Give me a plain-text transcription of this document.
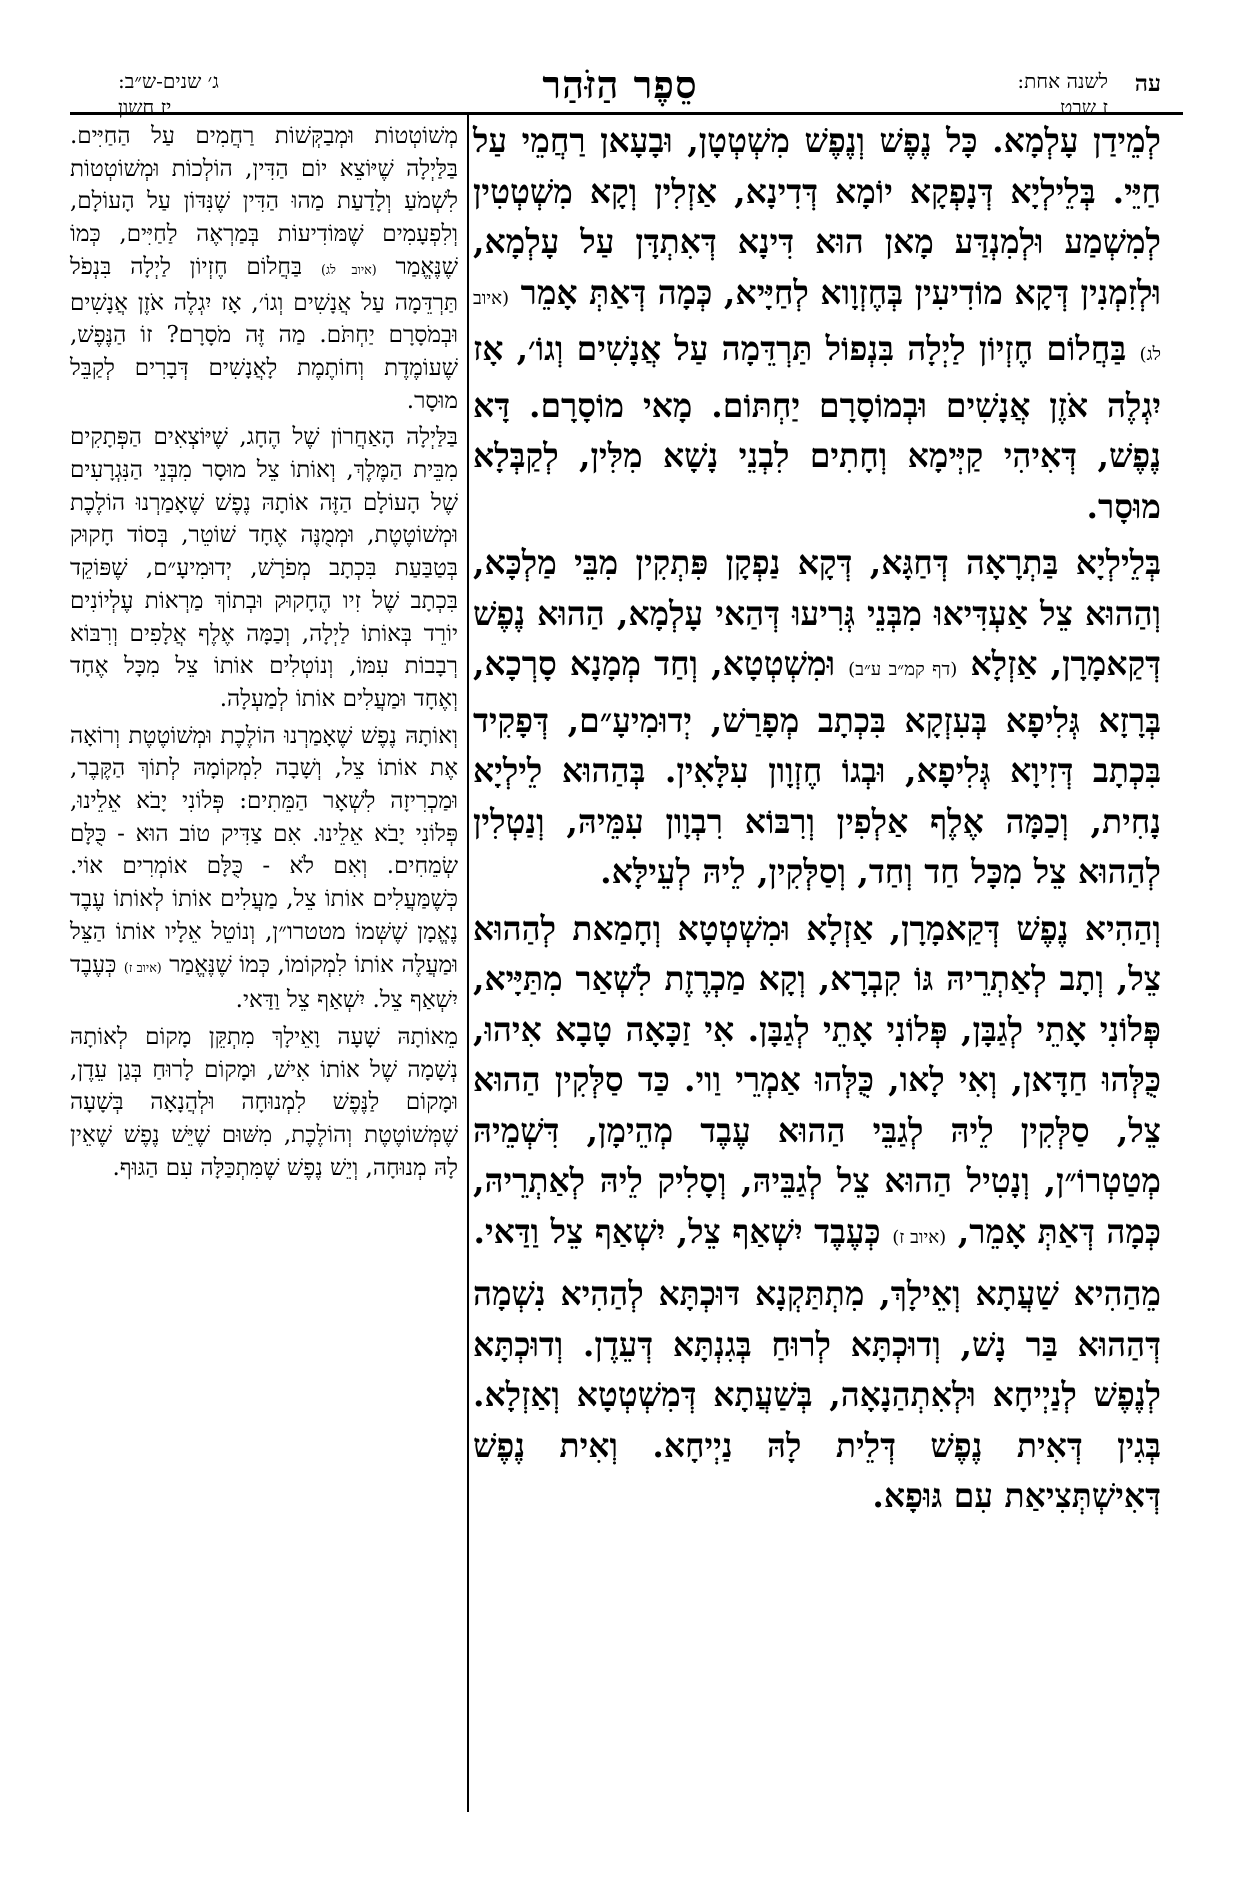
עה
לשנה אחת:
ז שבט
סֵפֶר הַזֹּהַר
ג׳ שנים-ש״ב:
יז חשון

לְמֵידַן עָלְמָא. כָּל נֶפֶשׁ וְנֶפֶשׁ מִשְׁטְטָן, וּבָעָאן רַחֲמֵי עַל חַיֵּי. בְּלֵילְיָא דְּנָפְקָא יוֹמָא דְּדִינָא, אַזְלִין וְקָא מִשְׁטְטִין לְמִשְׁמַע וּלְמִנְדַּע מָאן הוּא דִּינָא דְּאִתְדָּן עַל עָלְמָא, וּלְזִמְנִין דְּקָא מוֹדִיעִין בְּחֶזְוָוא לְחַיָּיא, כְּמָה דְּאַתְּ אָמֵר (איוב לג) בַּחֲלוֹם חֶזְיוֹן לַיְלָה בִּנְפוֹל תַּרְדֵּמָה עַל אֲנָשִׁים וְגוֹ׳, אָז יִגְלֶה אֹזֶן אֲנָשִׁים וּבְמוֹסָרָם יַחְתּוֹם. מָאי מוֹסָרָם. דָּא נֶפֶשׁ, דְּאִיהִי קַיְּימָא וְחָתִים לִבְנֵי נָשָׁא מִלִּין, לְקַבְּלָא מוּסָר.

בְּלֵילְיָא בַּתְרָאָה דְּחַגָּא, דְּקָא נַפְקָן פִּתְקִין מִבֵּי מַלְכָּא, וְהַהוּא צֵל אַעְדִּיאוּ מִבְּנֵי גְּרִיעוּ דְּהַאי עָלְמָא, הַהוּא נֶפֶשׁ דְּקַאמָרָן, אַזְלָא (דף קמ״ב ע״ב) וּמִשְׁטְטָא, וְחַד מְמָנָא סָרְכָא, בְּרָזָא גְּלִיפָא בְּעִזְקָא בִּכְתָב מְפָרַשׁ, יְדוּמִיעָ״ם, דְּפָקִיד בִּכְתָב דְּזִיוָא גְּלִיפָא, וּבְגוֹ חֶזְוָון עִלָּאִין. בְּהַהוּא לֵילְיָא נָחִית, וְכַמָּה אֶלֶף אַלְפִין וְרִבּוֹא רִבְוָון עִמֵּיהּ, וְנַטְלִין לְהַהוּא צֵל מִכָּל חַד וְחַד, וְסַלְּקִין, לֵיהּ לְעֵילָּא.

וְהַהִיא נֶפֶשׁ דְּקַאמָרָן, אַזְלָא וּמִשְׁטְטָא וְחָמַאת לְהַהוּא צֵל, וְתָב לְאַתְרֵיהּ גּוֹ קִבְרָא, וְקָא מַכְרֶזֶת לִשְׁאַר מִתַּיָּיא, פְּלוֹנִי אָתֵי לְגַבָּן, פְּלוֹנִי אָתֵי לְגַבָּן. אִי זַכָּאָה טָבָא אִיהוּ, כֻּלְּהוּ חַדָּאן, וְאִי לָאו, כֻּלְּהוּ אַמְרֵי וַוי. כַּד סַלְּקִין הַהוּא צֵל, סַלְּקִין לֵיהּ לְגַבֵּי הַהוּא עֶבֶד מְהֵימָן, דִּשְׁמֵיהּ מְטַטְרוֹ״ן, וְנָטִיל הַהוּא צֵל לְגַבֵּיהּ, וְסָלִיק לֵיהּ לְאַתְרֵיהּ, כְּמָה דְּאַתְּ אָמֵר, (איוב ז) כְּעֶבֶד יִשְׁאַף צֵל, יִשְׁאַף צֵל וַדַּאי.

מֵהַהִיא שַׁעֲתָא וְאֵילָךְ, מִתְתַּקְנָא דּוּכְתָּא לְהַהִיא נִשְׁמָה דְּהַהוּא בַּר נָשׁ, וְדוּכְתָּא לְרוּחַ בְּגִנְתָּא דְּעֵדֶן. וְדוּכְתָּא לְנֶפֶשׁ לְנַיְיחָא וּלְאִתְהַנָאָה, בְּשַׁעֲתָא דְּמִשְׁטְטָא וְאַזְלָא. בְּגִין דְּאִית נֶפֶשׁ דְּלֵית לָהּ נַיְיחָא. וְאִית נֶפֶשׁ דְּאִישְׁתְּצִיאַת עִם גּוּפָא.

מְשׁוֹטְטוֹת וּמְבַקְּשׁוֹת רַחֲמִים עַל הַחַיִּים. בַּלַּיְלָה שֶׁיּוֹצֵא יוֹם הַדִּין, הוֹלְכוֹת וּמְשׁוֹטְטוֹת לִשְׁמֹעַ וְלָדַעַת מַהוּ הַדִּין שֶׁנִּדּוֹן עַל הָעוֹלָם, וְלִפְעָמִים שֶׁמּוֹדִיעוֹת בְּמַרְאֶה לַחַיִּים, כְּמוֹ שֶׁנֶּאֱמַר (איוב לג) בַּחֲלוֹם חֶזְיוֹן לַיְלָה בִּנְפֹל תַּרְדֵּמָה עַל אֲנָשִׁים וְגוֹ׳, אָז יִגְלֶה אֹזֶן אֲנָשִׁים וּבְמֹסָרָם יַחְתֹּם. מַה זֶּה מֹסָרָם? זוֹ הַנֶּפֶשׁ, שֶׁעוֹמֶדֶת וְחוֹתֶמֶת לָאֲנָשִׁים דְּבָרִים לְקַבֵּל מוּסָר.

בַּלַּיְלָה הָאַחֲרוֹן שֶׁל הֶחָג, שֶׁיּוֹצְאִים הַפְּתָקִים מִבֵּית הַמֶּלֶךְ, וְאוֹתוֹ צֵל מוּסָר מִבְּנֵי הַנִּגְרָעִים שֶׁל הָעוֹלָם הַזֶּה אוֹתָהּ נֶפֶשׁ שֶׁאָמַרְנוּ הוֹלֶכֶת וּמְשׁוֹטֶטֶת, וּמְמֻנֶּה אֶחָד שׁוֹטֵר, בְּסוֹד חָקוּק בְּטַבַּעַת בִּכְתָב מְפֹרָשׁ, יְדוּמִיעָ״ם, שֶׁפּוֹקֵד בִּכְתָב שֶׁל זִיו הֶחָקוּק וּבְתוֹךְ מַרְאוֹת עֶלְיוֹנִים יוֹרֵד בְּאוֹתוֹ לַיְלָה, וְכַמָּה אֶלֶף אֲלָפִים וְרִבּוֹא רְבָבוֹת עִמּוֹ, וְנוֹטְלִים אוֹתוֹ צֵל מִכָּל אֶחָד וְאֶחָד וּמַעֲלִים אוֹתוֹ לְמַעְלָה.

וְאוֹתָהּ נֶפֶשׁ שֶׁאָמַרְנוּ הוֹלֶכֶת וּמְשׁוֹטֶטֶת וְרוֹאָה אֶת אוֹתוֹ צֵל, וְשָׁבָה לִמְקוֹמָהּ לְתוֹךְ הַקֶּבֶר, וּמַכְרִיזָה לִשְׁאָר הַמֵּתִים: פְּלוֹנִי יָבֹא אֵלֵינוּ, פְּלוֹנִי יָבֹא אֵלֵינוּ. אִם צַדִּיק טוֹב הוּא - כֻּלָּם שְׂמֵחִים. וְאִם לֹא - כֻּלָּם אוֹמְרִים אוֹי. כְּשֶׁמַּעֲלִים אוֹתוֹ צֵל, מַעֲלִים אוֹתוֹ לְאוֹתוֹ עֶבֶד נֶאֱמָן שֶׁשְּׁמוֹ מטטרו״ן, וְנוֹטֵל אֵלָיו אוֹתוֹ הַצֵּל וּמַעֲלֶה אוֹתוֹ לִמְקוֹמוֹ, כְּמוֹ שֶׁנֶּאֱמַר (איוב ז) כְּעֶבֶד יִשְׁאַף צֵל. יִשְׁאַף צֵל וַדַּאי.

מֵאוֹתָהּ שָׁעָה וָאֵילָךְ מִתְקֵּן מָקוֹם לְאוֹתָהּ נְשָׁמָה שֶׁל אוֹתוֹ אִישׁ, וּמָקוֹם לָרוּחַ בְּגַן עֵדֶן, וּמָקוֹם לַנֶּפֶשׁ לִמְנוּחָה וּלְהֲנָאָה בְּשָׁעָה שֶׁמְּשׁוֹטֶטֶת וְהוֹלֶכֶת, מִשּׁוּם שֶׁיֵּשׁ נֶפֶשׁ שֶׁאֵין לָהּ מְנוּחָה, וְיֵשׁ נֶפֶשׁ שֶׁמִּתְכַּלָּה עִם הַגּוּף.
